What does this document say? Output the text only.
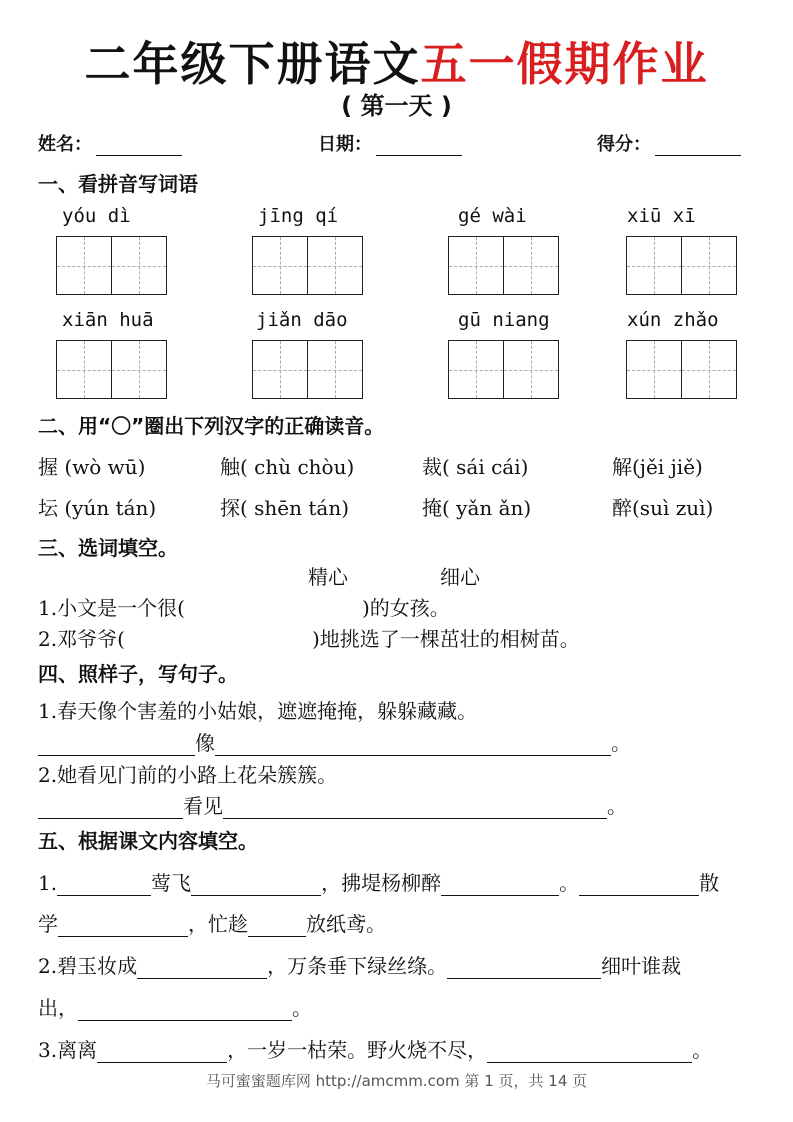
二年级下册语文五一假期作业
( 第一天 )
姓名：	日期：	得分：
一、看拼音写词语
yóu dì	jīng qí	gé wài	xiū xī
xiān huā	jiǎn dāo	gū niang	xún zhǎo
二、用“〇”圈出下列汉字的正确读音。
握 (wò wū)	触( chù chòu)	裁( sái cái)	解(jěi jiě)
坛 (yún tán)	探( shēn tán)	掩( yǎn ǎn)	醉(suì zuì)
三、选词填空。
精心	细心
1.小文是一个很(	)的女孩。
2.邓爷爷(	)地挑选了一棵茁壮的相树苗。
四、照样子，写句子。
1.春天像个害羞的小姑娘，遮遮掩掩，躲躲藏藏。
像	。
2.她看见门前的小路上花朵簇簇。
看见	。
五、根据课文内容填空。
1.	莺飞	，拂堤杨柳醉	。	散
学	，忙趁	放纸鸢。
2.碧玉妆成	，万条垂下绿丝绦。	细叶谁裁
出，	。
3.离离	，一岁一枯荣。野火烧不尽，	。
马可蜜蜜题库网 http://amcmm.com 第 1 页，共 14 页
